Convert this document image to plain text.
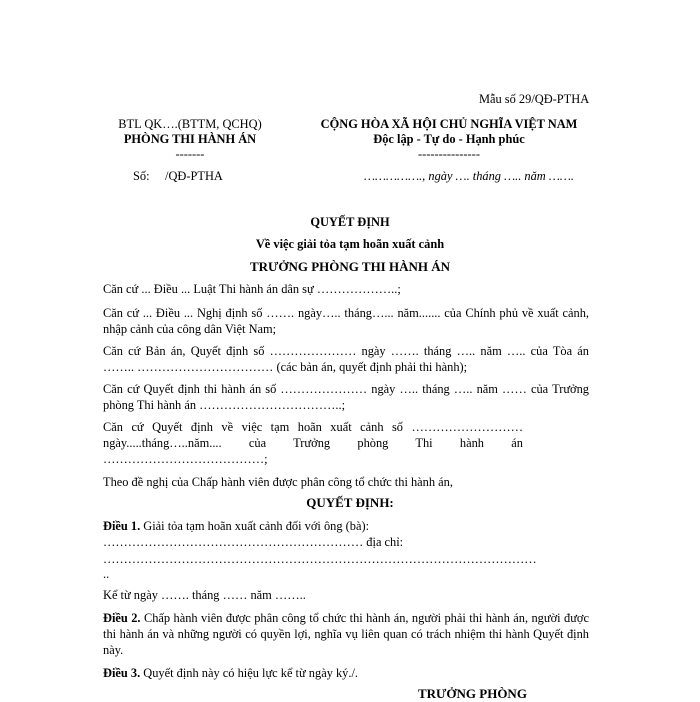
Mẫu số 29/QĐ-PTHA
BTL QK….(BTTM, QCHQ)
PHÒNG THI HÀNH ÁN
-------
Số:     /QĐ-PTHA
CỘNG HÒA XÃ HỘI CHỦ NGHĨA VIỆT NAM
Độc lập - Tự do - Hạnh phúc
---------------
……………., ngày …. tháng ….. năm …….
QUYẾT ĐỊNH
Về việc giải tỏa tạm hoãn xuất cảnh
TRƯỞNG PHÒNG THI HÀNH ÁN
Căn cứ ... Điều ... Luật Thi hành án dân sự ………………..;
Căn cứ ... Điều ... Nghị định số ……. ngày….. tháng…... năm....... của Chính phủ về xuất cảnh, nhập cảnh của công dân Việt Nam;
Căn cứ Bản án, Quyết định số ………………… ngày ……. tháng ….. năm ….. của Tòa án …….. …………………………… (các bản án, quyết định phải thi hành);
Căn cứ Quyết định thi hành án số ………………… ngày ….. tháng ….. năm …… của Trưởng phòng Thi hành án ……………………………..;
Căn cứ Quyết định về việc tạm hoãn xuất cảnh số ……………………… ngày.....tháng…..năm.... của Trưởng phòng Thi hành án …………………………………;
Theo đề nghị của Chấp hành viên được phân công tổ chức thi hành án,
QUYẾT ĐỊNH:
Điều 1. Giải tỏa tạm hoãn xuất cảnh đối với ông (bà):
……………………………………………………… địa chỉ:
……………………………………………………………………………………………
..
Kể từ ngày ……. tháng …… năm ……..
Điều 2. Chấp hành viên được phân công tổ chức thi hành án, người phải thi hành án, người được thi hành án và những người có quyền lợi, nghĩa vụ liên quan có trách nhiệm thi hành Quyết định này.
Điều 3. Quyết định này có hiệu lực kể từ ngày ký./.
TRƯỞNG PHÒNG
